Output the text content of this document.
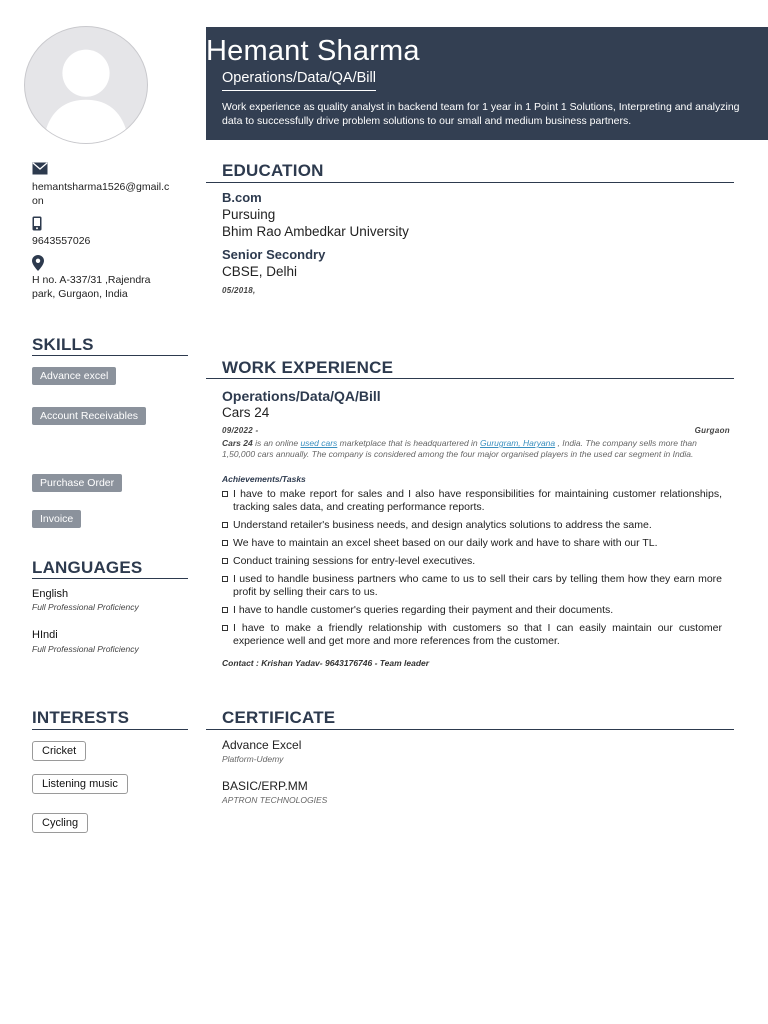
Hemant Sharma
Operations/Data/QA/Bill
Work experience as quality analyst in backend team for 1 year in 1 Point 1 Solutions, Interpreting and analyzing data to successfully drive problem solutions to our small and medium business partners.
hemantsharma1526@gmail.c
on
9643557026
H no. A-337/31 ,Rajendra
park, Gurgaon, India
SKILLS
Advance excel
Account Receivables
Purchase Order
Invoice
LANGUAGES
English
Full Professional Proficiency
HIndi
Full Professional Proficiency
INTERESTS
Cricket
Listening music
Cycling
EDUCATION
B.com
Pursuing
Bhim Rao Ambedkar University
Senior Secondry
CBSE, Delhi
05/2018,
WORK EXPERIENCE
Operations/Data/QA/Bill
Cars 24
09/2022 -	Gurgaon
Cars 24 is an online used cars marketplace that is headquartered in Gurugram, Haryana , India. The company sells more than 1,50,000 cars annually. The company is considered among the four major organised players in the used car segment in India.
Achievements/Tasks
I have to make report for sales and I also have responsibilities for maintaining customer relationships, tracking sales data, and creating performance reports.
Understand retailer's business needs, and design analytics solutions to address the same.
We have to maintain an excel sheet based on our daily work and have to share with our TL.
Conduct training sessions for entry-level executives.
I used to handle business partners who came to us to sell their cars by telling them how they earn more profit by selling their cars to us.
I have to handle customer's queries regarding their payment and their documents.
I have to make a friendly relationship with customers so that I can easily maintain our customer experience well and get more and more references from the customer.
Contact : Krishan Yadav- 9643176746 - Team leader
CERTIFICATE
Advance Excel
Platform-Udemy
BASIC/ERP.MM
APTRON TECHNOLOGIES
